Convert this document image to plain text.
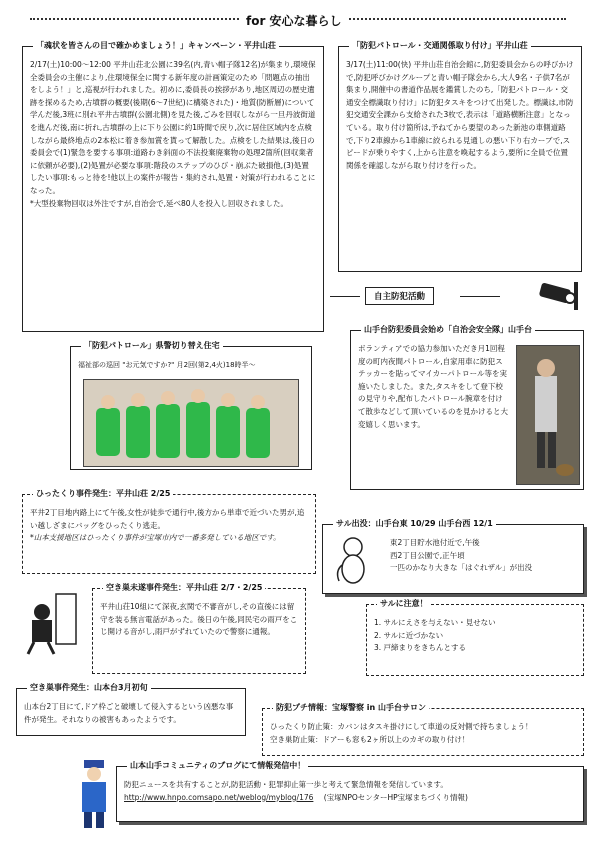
for 安心な暮らし
「魂状を皆さんの目で確かめましょう！」キャンペーン・平井山荘

2/17(土)10:00〜12:00 平井山荘北公園に39名(内,青い帽子隊12名)が集まり,環境保全委員会の主催により,住環境保全に関する新年度の計画策定のため「問題点の抽出をしよう！」と,巡視が行われました。初めに,委員長の挨拶があり,地区周辺の歴史遺跡を探めるため,古墳群の概要(後期(6〜7世紀)に構築された)・地質(防断層)について学んだ後,3班に別れ平井古墳群(公園北側)を見た後,ごみを回収しながら一旦丹波街道を進んだ後,南に折れ,古墳群の上に下り公園に約1時間で戻り,次に居住区域内を点検しながら最終地点の2本松に着き参加賞を貰って解散した。点検をした結果は,後日の委員会で(1)緊急を要する事項:道路わき斜面の不法投棄廃棄物の処理2箇所(回収業者に依頼が必要),(2)処置が必要な事項:階段のステップのひび・崩ぶた破損他,(3)処置したい事項:もっと待を!他以上の案件が報告・集約され,処置・対策が行われることになった。

*大型投棄物回収は外注ですが,自治会で,延べ80人を投入し回収されました。

「防犯パトロール・交通関係取り付け」平井山荘

3/17(土)11:00(快) 平井山荘自治会館に,防犯委員会からの呼びかけで,防犯呼びかけグループと青い帽子隊会から,大人9名・子供7名が集まり,開催中の書道作品展を鑑賞したのち,「防犯パトロール・交通安全標識取り付け」に防犯タスキをつけて出発した。標識は,市防犯交通安全課から支給された3枚で,表示は「道路横断注意」となっている。取り付け箇所は,予ねてから要望のあった新池の車側道路で,下り2車線から1車線に絞られる見通しの悪い下り右カーブで,スピードが乗りやすく,上から注意を喚起するよう,要所に全員で位置関係を確認しながら取り付けを行った。

自主防犯活動
「防犯パトロール」県警切り替え住宅

福祉部の巡回 "お元気ですか?" 月2回(第2,4火)18時半〜

山手台防犯委員会始め「自治会安全隊」山手台

ボランティアでの協力参加いただき月1回程度の町内夜間パトロール,自家用車に防犯ステッカーを貼ってマイカーパトロール等を実施いたしました。また,タスキをして登下校の見守りや,配布したパトロール腕章を付けて散歩などして頂いているのを見かけると大変嬉しく思います。

ひったくり事件発生：平井山荘 2/25

平井2丁目地内路上にて午後,女性が徒歩で通行中,後方から単車で近づいた男が,追い越しざまにバッグをひったくり逃走。

*山本支援地区はひったくり事件が宝塚市内で一番多発している地区です。

サル出没：山手台東 10/29 山手台西 12/1

東2丁目貯水池付近で,午後

西2丁目公園で,正午頃

一匹のかなり大きな「はぐれザル」が出没

サルに注意！

1. サルにえさを与えない・見せない

2. サルに近づかない

3. 戸締まりをきちんとする

空き巣未遂事件発生：平井山荘 2/7・2/25

平井山荘10組にて深夜,玄関で不審音がし,その直後には留守を装る無言電話があった。後日の午後,同民宅の雨戸をこじ開ける音がし,雨戸がずれていたので警察に通報。

空き巣事件発生：山本台3月初旬

山本台2丁目にて,ドア枠ごと破壊して侵入するという凶悪な事件が発生。それなりの被害もあったようです。

防犯プチ情報：宝塚警察 in 山手台サロン

ひったくり防止策：カバンはタスキ掛けにして車道の反対側で持ちましょう！

空き巣防止策：ドアーも窓も2ヶ所以上のカギの取り付け！

山本山手コミュニティのブログにて情報発信中！

防犯ニュースを共有することが,防犯活動・犯罪抑止第一歩と考えて緊急情報を発信しています。

http://www.hnpo.comsapo.net/weblog/myblog/176 (宝塚NPOセンターHP宝塚まちづくり情報)
